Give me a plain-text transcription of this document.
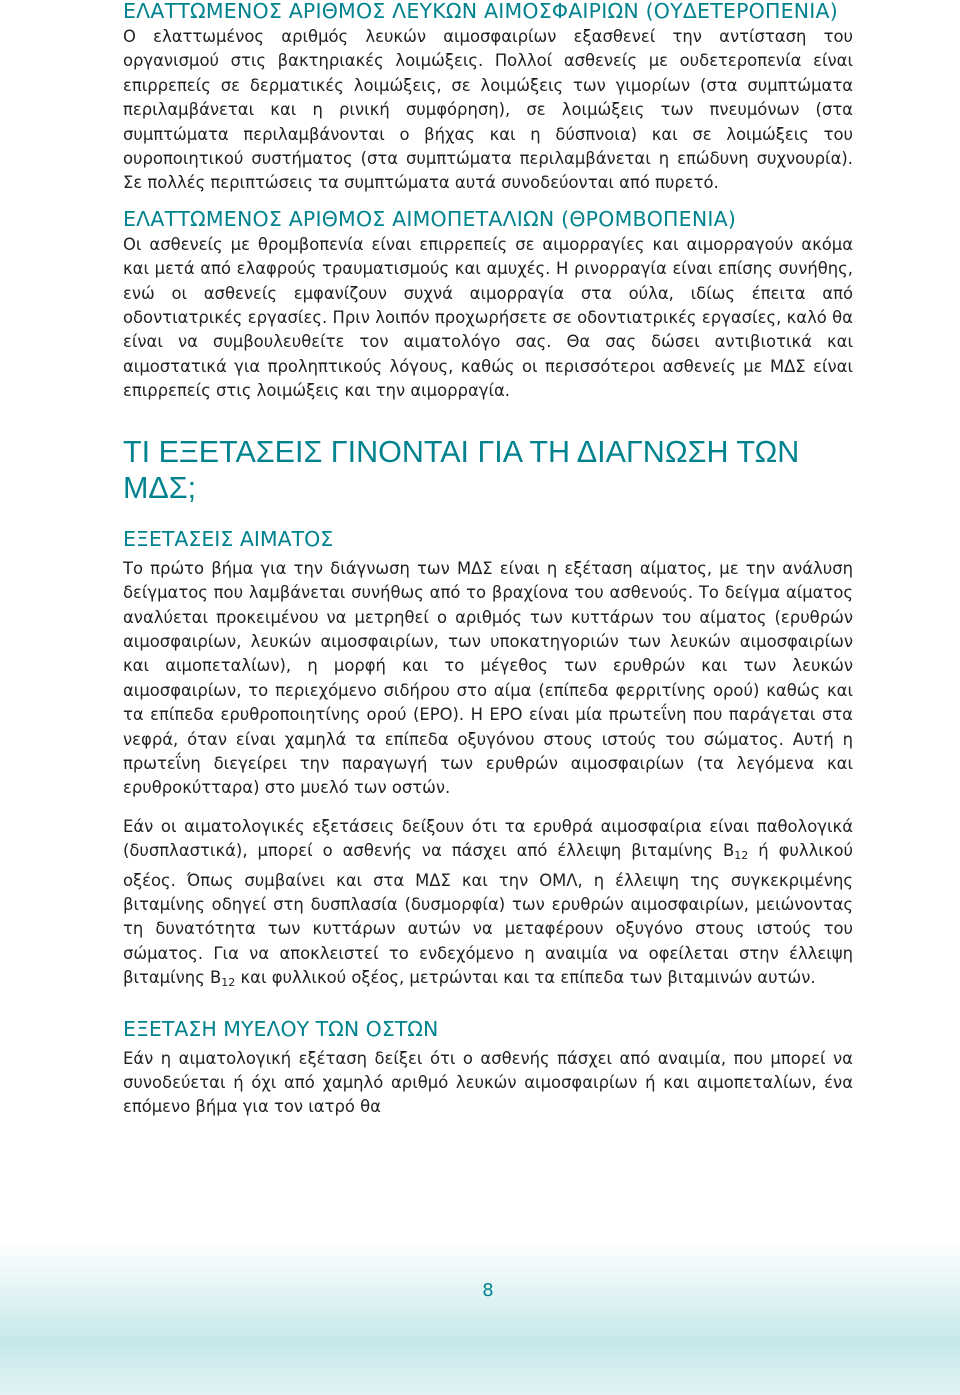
ΕΛΑΤΤΩΜΕΝΟΣ ΑΡΙΘΜΟΣ ΛΕΥΚΩΝ ΑΙΜΟΣΦΑΙΡΙΩΝ (ΟΥΔΕΤΕΡΟΠΕΝΙΑ)

Ο ελαττωμένος αριθμός λευκών αιμοσφαιρίων εξασθενεί την αντίσταση του οργανισμού στις βακτηριακές λοιμώξεις. Πολλοί ασθενείς με ουδετεροπενία είναι επιρρεπείς σε δερματικές λοιμώξεις, σε λοιμώξεις των γιμορίων (στα συμπτώματα περιλαμβάνεται και η ρινική συμφόρηση), σε λοιμώξεις των πνευμόνων (στα συμπτώματα περιλαμβάνονται ο βήχας και η δύσπνοια) και σε λοιμώξεις του ουροποιητικού συστήματος (στα συμπτώματα περιλαμβάνεται η επώδυνη συχνουρία). Σε πολλές περιπτώσεις τα συμπτώματα αυτά συνοδεύονται από πυρετό.

ΕΛΑΤΤΩΜΕΝΟΣ ΑΡΙΘΜΟΣ ΑΙΜΟΠΕΤΑΛΙΩΝ (ΘΡΟΜΒΟΠΕΝΙΑ)

Οι ασθενείς με θρομβοπενία είναι επιρρεπείς σε αιμορραγίες και αιμορραγούν ακόμα και μετά από ελαφρούς τραυματισμούς και αμυχές. Η ρινορραγία είναι επίσης συνήθης, ενώ οι ασθενείς εμφανίζουν συχνά αιμορραγία στα ούλα, ιδίως έπειτα από οδοντιατρικές εργασίες. Πριν λοιπόν προχωρήσετε σε οδοντιατρικές εργασίες, καλό θα είναι να συμβουλευθείτε τον αιματολόγο σας. Θα σας δώσει αντιβιοτικά και αιμοστατικά για προληπτικούς λόγους, καθώς οι περισσότεροι ασθενείς με ΜΔΣ είναι επιρρεπείς στις λοιμώξεις και την αιμορραγία.

ΤΙ ΕΞΕΤΑΣΕΙΣ ΓΙΝΟΝΤΑΙ ΓΙΑ ΤΗ ΔΙΑΓΝΩΣΗ ΤΩΝ ΜΔΣ;
ΕΞΕΤΑΣΕΙΣ ΑΙΜΑΤΟΣ

Το πρώτο βήμα για την διάγνωση των ΜΔΣ είναι η εξέταση αίματος, με την ανάλυση δείγματος που λαμβάνεται συνήθως από το βραχίονα του ασθενούς. Το δείγμα αίματος αναλύεται προκειμένου να μετρηθεί ο αριθμός των κυττάρων του αίματος (ερυθρών αιμοσφαιρίων, λευκών αιμοσφαιρίων, των υποκατηγοριών των λευκών αιμοσφαιρίων και αιμοπεταλίων), η μορφή και το μέγεθος των ερυθρών και των λευκών αιμοσφαιρίων, το περιεχόμενο σιδήρου στο αίμα (επίπεδα φερριτίνης ορού) καθώς και τα επίπεδα ερυθροποιητίνης ορού (ΕΡΟ). Η ΕΡΟ είναι μία πρωτεΐνη που παράγεται στα νεφρά, όταν είναι χαμηλά τα επίπεδα οξυγόνου στους ιστούς του σώματος. Αυτή η πρωτεΐνη διεγείρει την παραγωγή των ερυθρών αιμοσφαιρίων (τα λεγόμενα και ερυθροκύτταρα) στο μυελό των οστών.

Εάν οι αιματολογικές εξετάσεις δείξουν ότι τα ερυθρά αιμοσφαίρια είναι παθολογικά (δυσπλαστικά), μπορεί ο ασθενής να πάσχει από έλλειψη βιταμίνης $B_{12}$ ή φυλλικού οξέος. Όπως συμβαίνει και στα ΜΔΣ και την ΟΜΛ, η έλλειψη της συγκεκριμένης βιταμίνης οδηγεί στη δυσπλασία (δυσμορφία) των ερυθρών αιμοσφαιρίων, μειώνοντας τη δυνατότητα των κυττάρων αυτών να μεταφέρουν οξυγόνο στους ιστούς του σώματος. Για να αποκλειστεί το ενδεχόμενο η αναιμία να οφείλεται στην έλλειψη βιταμίνης $B_{12}$ και φυλλικού οξέος, μετρώνται και τα επίπεδα των βιταμινών αυτών.

ΕΞΕΤΑΣΗ ΜΥΕΛΟΥ ΤΩΝ ΟΣΤΩΝ

Εάν η αιματολογική εξέταση δείξει ότι ο ασθενής πάσχει από αναιμία, που μπορεί να συνοδεύεται ή όχι από χαμηλό αριθμό λευκών αιμοσφαιρίων ή και αιμοπεταλίων, ένα επόμενο βήμα για τον ιατρό θα

8
